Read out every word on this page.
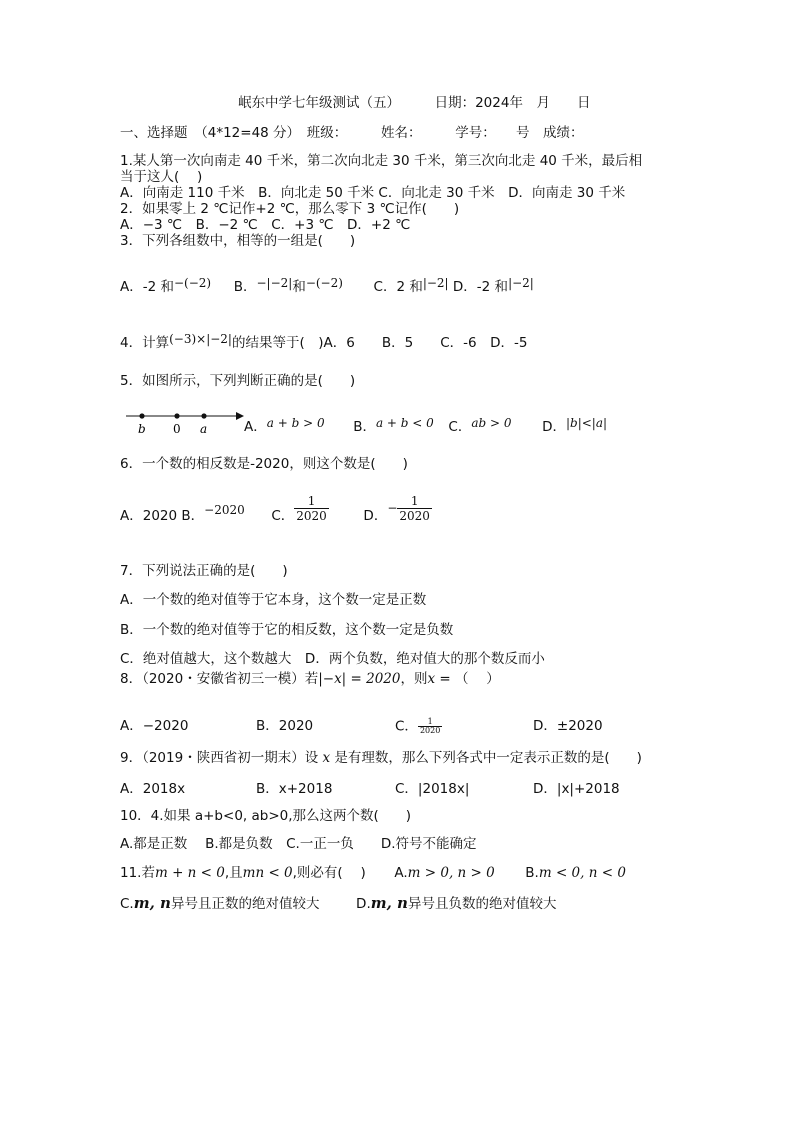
岷东中学七年级测试（五）	日期：2024年　月　　日
一、选择题　（4*12=48 分）　班级：　　　姓名：　　　学号：　　号　成绩：
1.某人第一次向南走 40 千米，第二次向北走 30 千米，第三次向北走 40 千米，最后相
当于这人(　 )
A．向南走 110 千米　B．向北走 50 千米 C．向北走 30 千米　D．向南走 30 千米
2．如果零上 2 ℃记作+2 ℃，那么零下 3 ℃记作(　　)
A．−3 ℃　B．−2 ℃　C．+3 ℃　D．+2 ℃
3．下列各组数中，相等的一组是(　　)
A．-2 和−(−2) B．−|−2|和−(−2) C．2 和|−2| D．-2 和|−2|
4．计算(−3)×|−2|的结果等于(　)A．6　　B．5　　C．-6　D．-5
5．如图所示，下列判断正确的是(　　)
b 0 a	A．a + b > 0 B．a + b < 0 C．ab > 0 D．|b|<|a|
6．一个数的相反数是-2020，则这个数是(　　)
A．2020 B．−2020 C． $\frac{1}{2020}$	D．− $\frac{1}{2020}$
7．下列说法正确的是(　　)
A．一个数的绝对值等于它本身，这个数一定是正数
B．一个数的绝对值等于它的相反数，这个数一定是负数
C．绝对值越大，这个数越大　D．两个负数，绝对值大的那个数反而小
8．（2020・安徽省初三一模）若|−x| = 2020，则x = （　 ）
A．−2020	B．2020	C． $\frac{1}{2020}$	D．±2020
9．（2019・陕西省初一期末）设 x 是有理数，那么下列各式中一定表示正数的是(　　)
A．2018x	B．x+2018	C．|2018x|	D．|x|+2018
10．4.如果 a+b<0, ab>0,那么这两个数(　　)
A.都是正数　 B.都是负数　C.一正一负　　D.符号不能确定
11.若m + n < 0,且mn < 0,则必有(　 ) A.m > 0, n > 0 B.m < 0, n < 0
C.m, n异号且正数的绝对值较大	D.m, n异号且负数的绝对值较大
